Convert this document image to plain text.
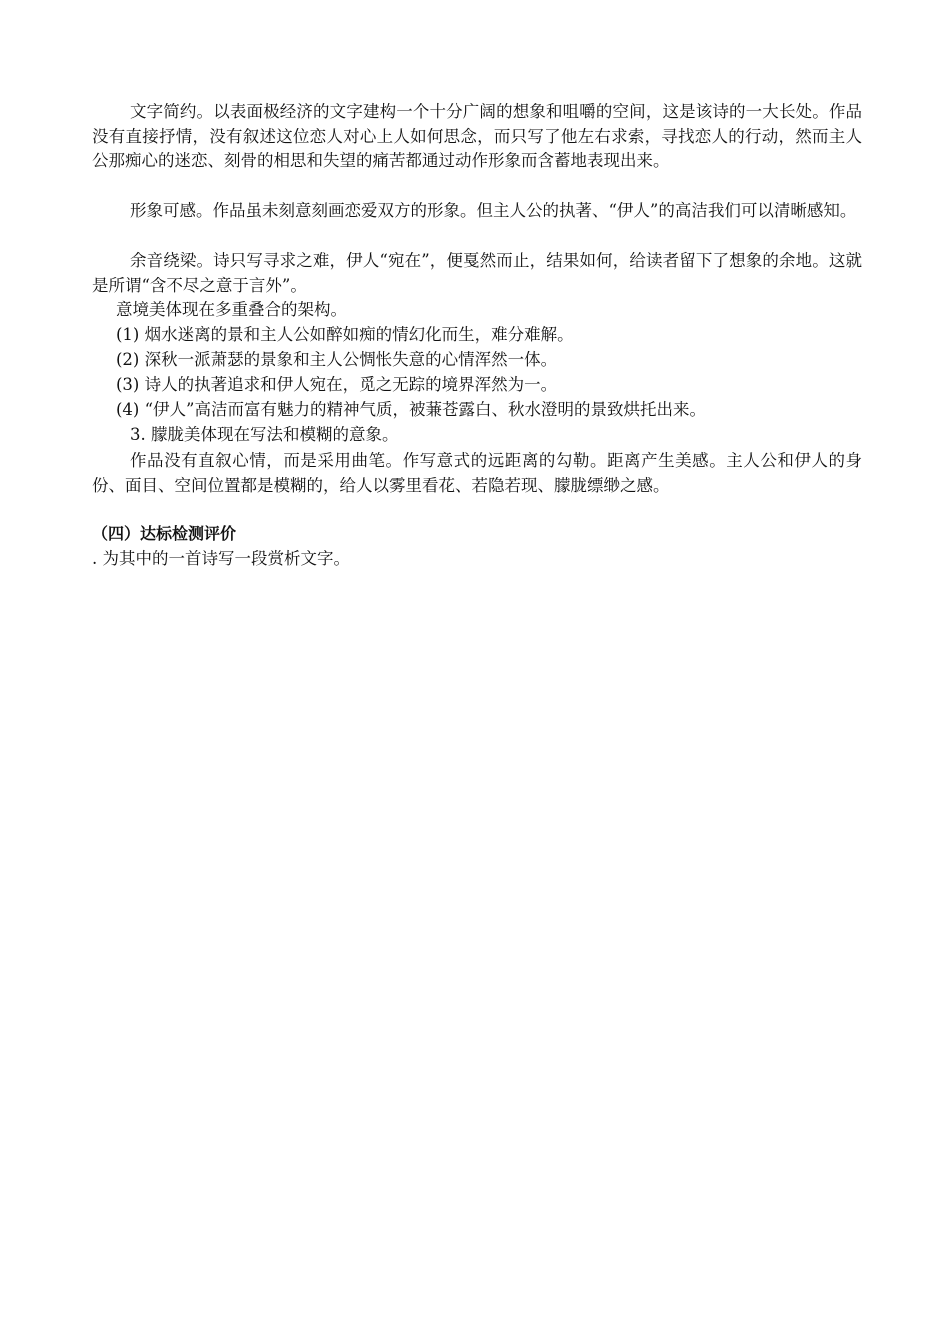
文字简约。以表面极经济的文字建构一个十分广阔的想象和咀嚼的空间，这是该诗的一大长处。作品没有直接抒情，没有叙述这位恋人对心上人如何思念，而只写了他左右求索，寻找恋人的行动，然而主人公那痴心的迷恋、刻骨的相思和失望的痛苦都通过动作形象而含蓄地表现出来。

形象可感。作品虽未刻意刻画恋爱双方的形象。但主人公的执著、“伊人”的高洁我们可以清晰感知。

余音绕梁。诗只写寻求之难，伊人“宛在”，便戛然而止，结果如何，给读者留下了想象的余地。这就是所谓“含不尽之意于言外”。

意境美体现在多重叠合的架构。

(1) 烟水迷离的景和主人公如醉如痴的情幻化而生，难分难解。

(2) 深秋一派萧瑟的景象和主人公惆怅失意的心情浑然一体。

(3) 诗人的执著追求和伊人宛在，觅之无踪的境界浑然为一。

(4) “伊人”高洁而富有魅力的精神气质，被蒹苍露白、秋水澄明的景致烘托出来。

3. 朦胧美体现在写法和模糊的意象。

作品没有直叙心情，而是采用曲笔。作写意式的远距离的勾勒。距离产生美感。主人公和伊人的身份、面目、空间位置都是模糊的，给人以雾里看花、若隐若现、朦胧缥缈之感。

（四）达标检测评价

. 为其中的一首诗写一段赏析文字。
